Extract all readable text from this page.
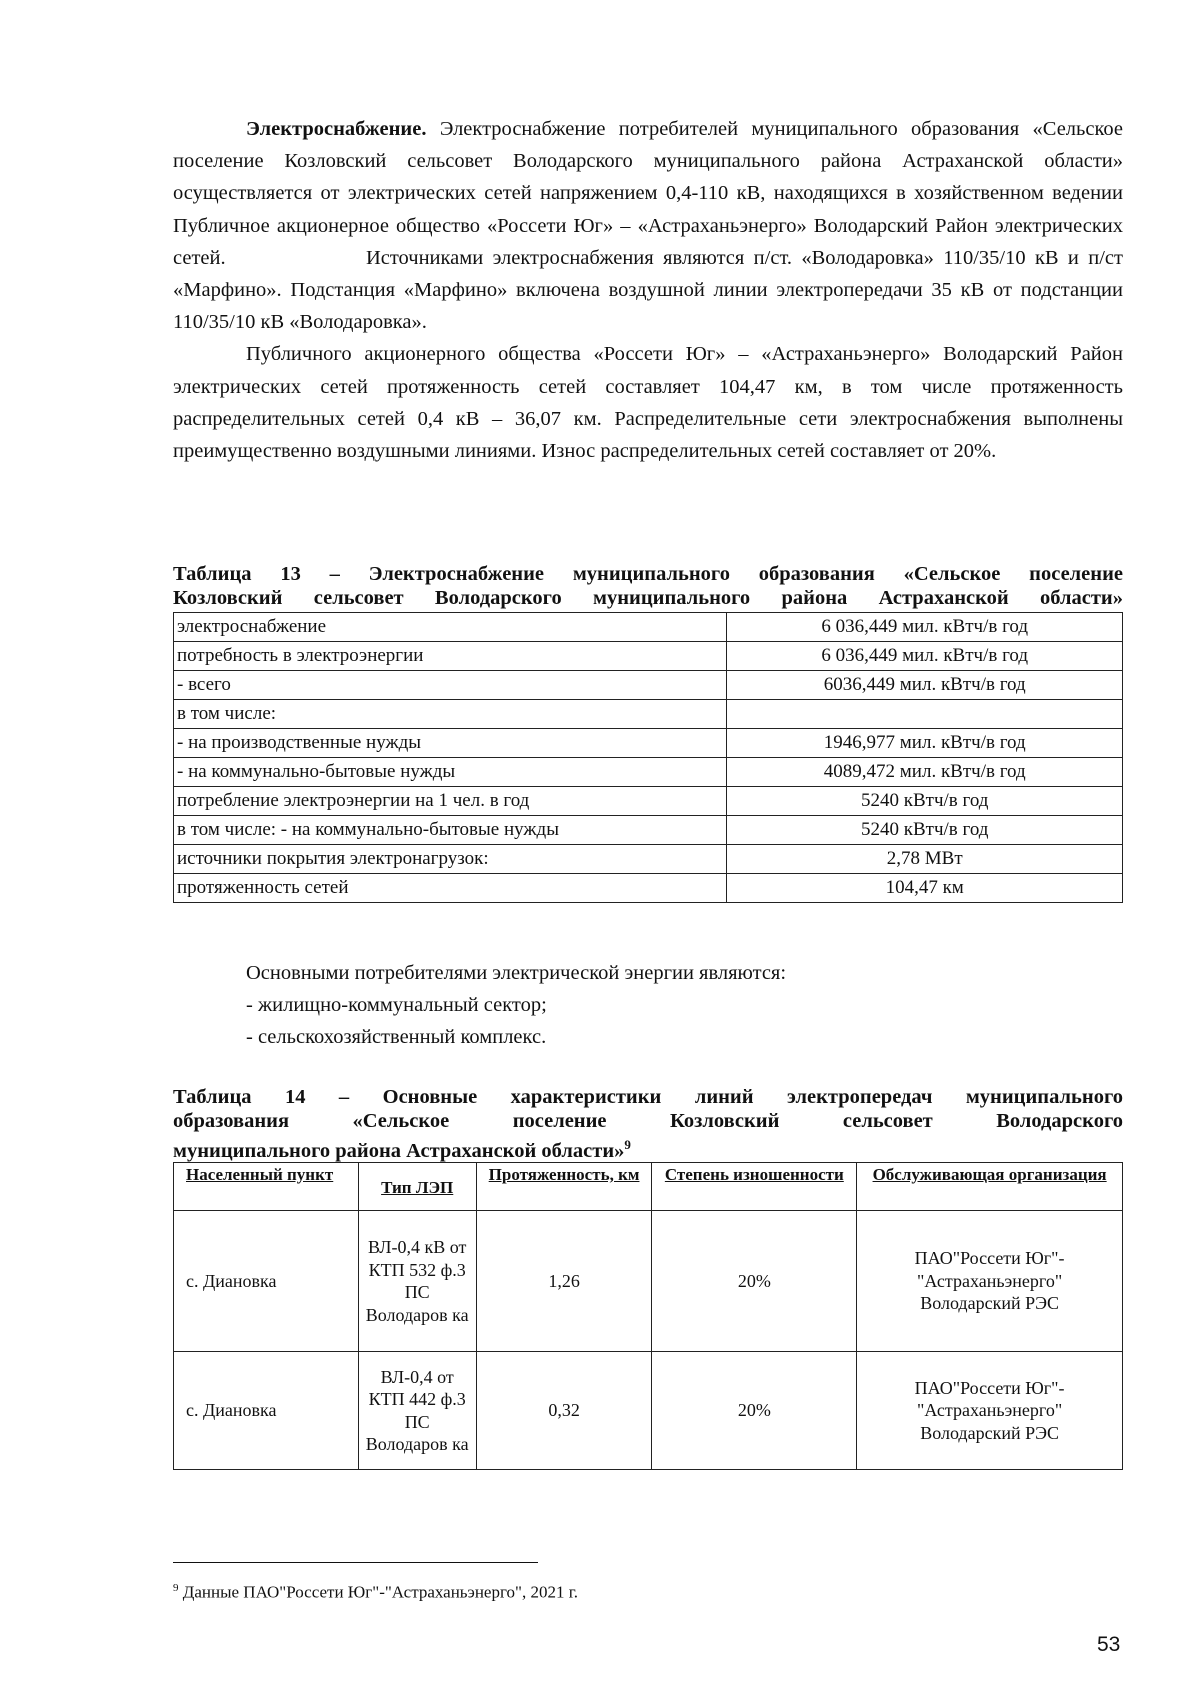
Электроснабжение. Электроснабжение потребителей муниципального образования «Сельское поселение Козловский сельсовет Володарского муниципального района Астраханской области» осуществляется от электрических сетей напряжением 0,4-110 кВ, находящихся в хозяйственном ведении Публичное акционерное общество «Россети Юг» – «Астраханьэнерго» Володарский Район электрических сетей.               Источниками электроснабжения являются п/ст. «Володаровка» 110/35/10 кВ и п/ст «Марфино». Подстанция «Марфино» включена воздушной линии электропередачи 35 кВ от подстанции 110/35/10 кВ «Володаровка».

Публичного акционерного общества «Россети Юг» – «Астраханьэнерго» Володарский Район электрических сетей протяженность сетей составляет 104,47 км, в том числе протяженность распределительных сетей 0,4 кВ – 36,07 км. Распределительные сети электроснабжения выполнены преимущественно воздушными линиями. Износ распределительных сетей составляет от 20%.

Таблица 13 – Электроснабжение муниципального образования «Сельское поселение
Козловский сельсовет Володарского муниципального района Астраханской области»
электроснабжение	6 036,449 мил. кВтч/в год
потребность в электроэнергии	6 036,449 мил. кВтч/в год
- всего	6036,449 мил. кВтч/в год
в том числе:	
- на производственные нужды	1946,977 мил. кВтч/в год
- на коммунально-бытовые нужды	4089,472 мил. кВтч/в год
потребление электроэнергии на 1 чел. в год	5240 кВтч/в год
в том числе: - на коммунально-бытовые нужды	5240 кВтч/в год
источники покрытия электронагрузок:	2,78 МВт
протяженность сетей	104,47 км
Основными потребителями электрической энергии являются:
- жилищно-коммунальный сектор;
- сельскохозяйственный комплекс.
Таблица 14 – Основные характеристики линий электропередач муниципального
образования «Сельское поселение Козловский сельсовет Володарского
муниципального района Астраханской области»$^9$
Населенный пункт	Тип ЛЭП	Протяженность, км	Степень изношенности	Обслуживающая организация
с. Диановка	ВЛ-0,4 кВ от КТП 532 ф.3 ПС Володаров ка	1,26	20%	ПАО"Россети Юг"- "Астраханьэнерго" Володарский РЭС
с. Диановка	ВЛ-0,4 от КТП 442 ф.3 ПС Володаров ка	0,32	20%	ПАО"Россети Юг"- "Астраханьэнерго" Володарский РЭС
$^9$ Данные ПАО"Россети Юг"-"Астраханьэнерго", 2021 г.
53
